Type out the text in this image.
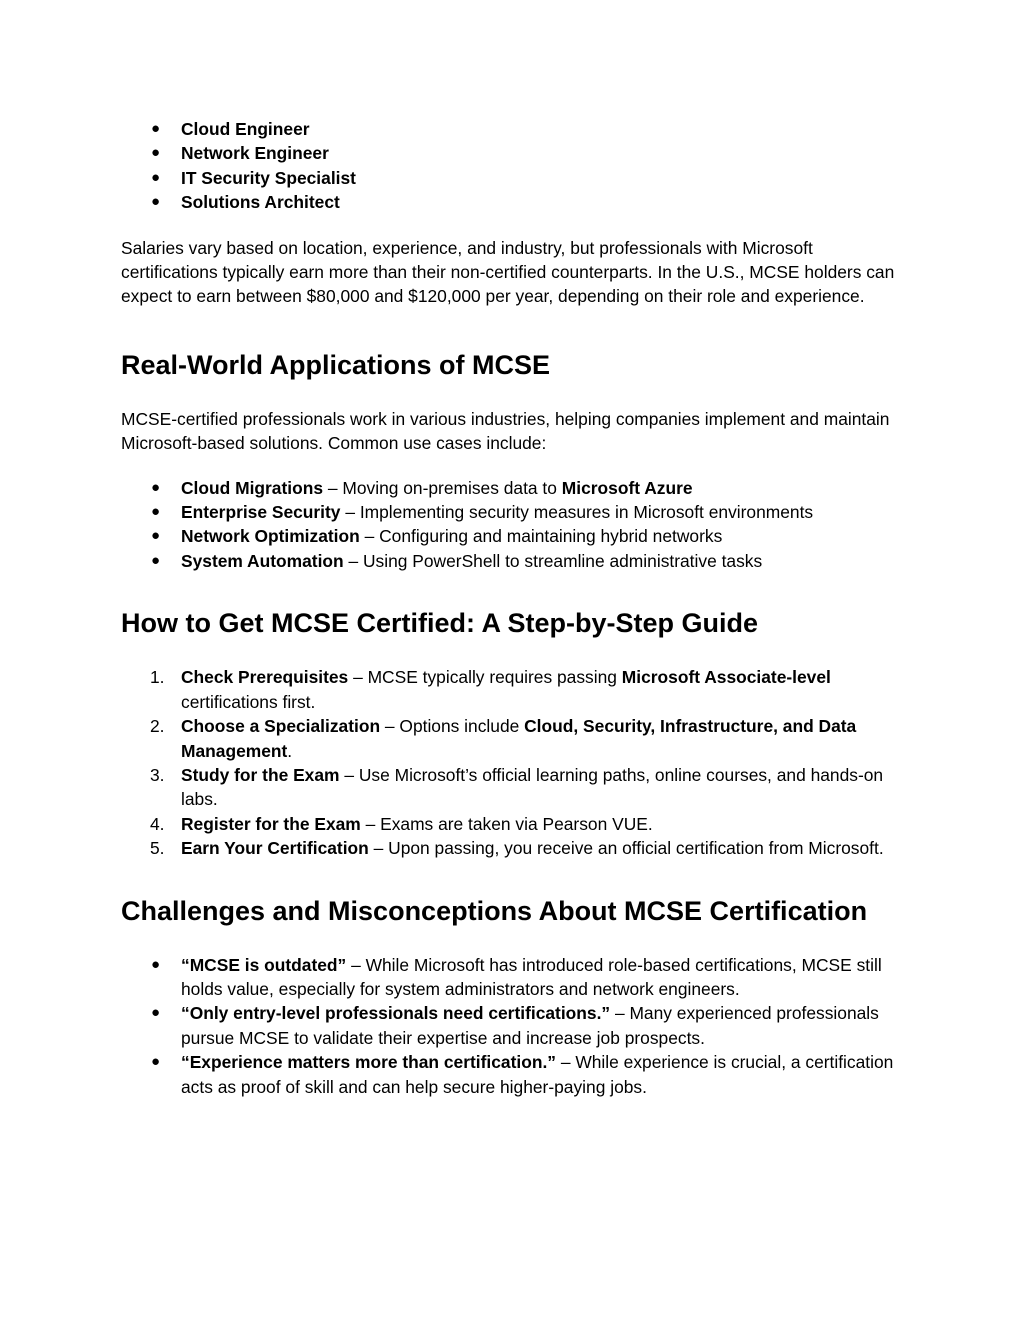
● Cloud Engineer
● Network Engineer
● IT Security Specialist
● Solutions Architect

Salaries vary based on location, experience, and industry, but professionals with Microsoft certifications typically earn more than their non-certified counterparts. In the U.S., MCSE holders can expect to earn between $80,000 and $120,000 per year, depending on their role and experience.

Real-World Applications of MCSE

MCSE-certified professionals work in various industries, helping companies implement and maintain Microsoft-based solutions. Common use cases include:

● Cloud Migrations – Moving on-premises data to Microsoft Azure
● Enterprise Security – Implementing security measures in Microsoft environments
● Network Optimization – Configuring and maintaining hybrid networks
● System Automation – Using PowerShell to streamline administrative tasks
How to Get MCSE Certified: A Step-by-Step Guide
1. Check Prerequisites – MCSE typically requires passing Microsoft Associate-level certifications first.
2. Choose a Specialization – Options include Cloud, Security, Infrastructure, and Data Management.
3. Study for the Exam – Use Microsoft’s official learning paths, online courses, and hands-on labs.
4. Register for the Exam – Exams are taken via Pearson VUE.
5. Earn Your Certification – Upon passing, you receive an official certification from Microsoft.
Challenges and Misconceptions About MCSE Certification
● “MCSE is outdated” – While Microsoft has introduced role-based certifications, MCSE still holds value, especially for system administrators and network engineers.
● “Only entry-level professionals need certifications.” – Many experienced professionals pursue MCSE to validate their expertise and increase job prospects.
● “Experience matters more than certification.” – While experience is crucial, a certification acts as proof of skill and can help secure higher-paying jobs.
